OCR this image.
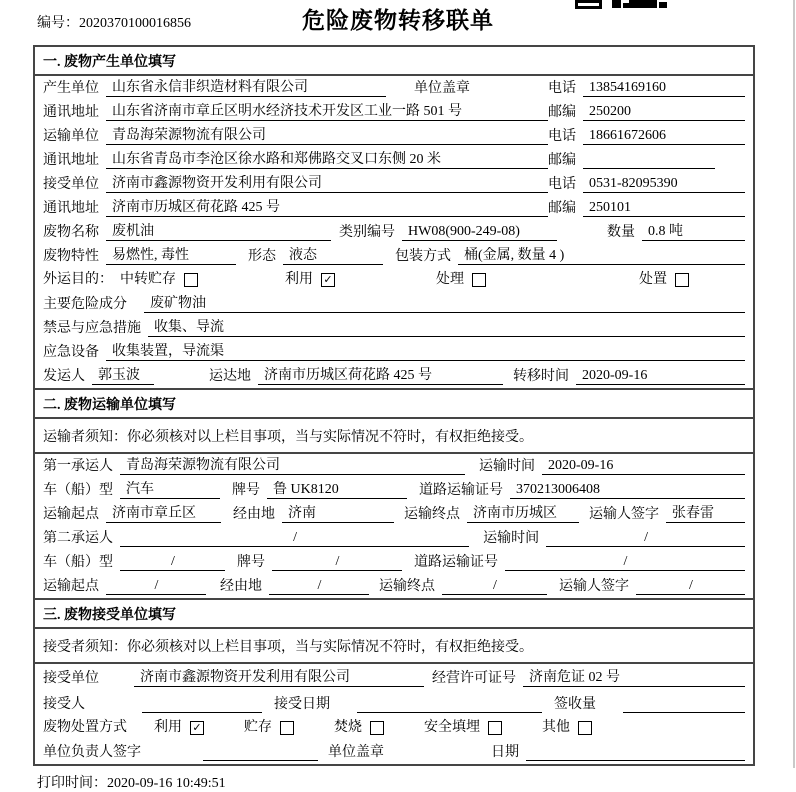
编号：2020370100016856	危险废物转移联单
一. 废物产生单位填写
产生单位 山东省永信非织造材料有限公司	单位盖章	电话 13854169160
通讯地址 山东省济南市章丘区明水经济技术开发区工业一路 501 号	邮编 250200
运输单位 青岛海荣源物流有限公司	电话 18661672606
通讯地址 山东省青岛市李沧区徐水路和郑佛路交叉口东侧 20 米	邮编
接受单位 济南市鑫源物资开发利用有限公司	电话 0531-82095390
通讯地址 济南市历城区荷花路 425 号	邮编 250101
废物名称 废机油	类别编号 HW08(900-249-08)	数量 0.8 吨
废物特性 易燃性, 毒性	形态 液态	包装方式 桶(金属, 数量 4 )
外运目的： 中转贮存	利用 ✓	处理	处置
主要危险成分	废矿物油
禁忌与应急措施 收集、导流
应急设备 收集装置，导流渠
发运人 郭玉波	运达地 济南市历城区荷花路 425 号	转移时间 2020-09-16
二. 废物运输单位填写
运输者须知：你必须核对以上栏目事项，当与实际情况不符时，有权拒绝接受。
第一承运人 青岛海荣源物流有限公司	运输时间 2020-09-16
车（船）型 汽车	牌号 鲁 UK8120	道路运输证号 370213006408
运输起点 济南市章丘区	经由地 济南	运输终点 济南市历城区	运输人签字 张春雷
第二承运人	/	运输时间	/
车（船）型	/	牌号	/	道路运输证号	/
运输起点	/	经由地	/	运输终点	/	运输人签字	/
三. 废物接受单位填写
接受者须知：你必须核对以上栏目事项，当与实际情况不符时，有权拒绝接受。
接受单位	济南市鑫源物资开发利用有限公司	经营许可证号 济南危证 02 号
接受人	接受日期	签收量
废物处置方式 利用 ✓	贮存	焚烧	安全填埋	其他
单位负责人签字	单位盖章	日期
打印时间：2020-09-16 10:49:51
